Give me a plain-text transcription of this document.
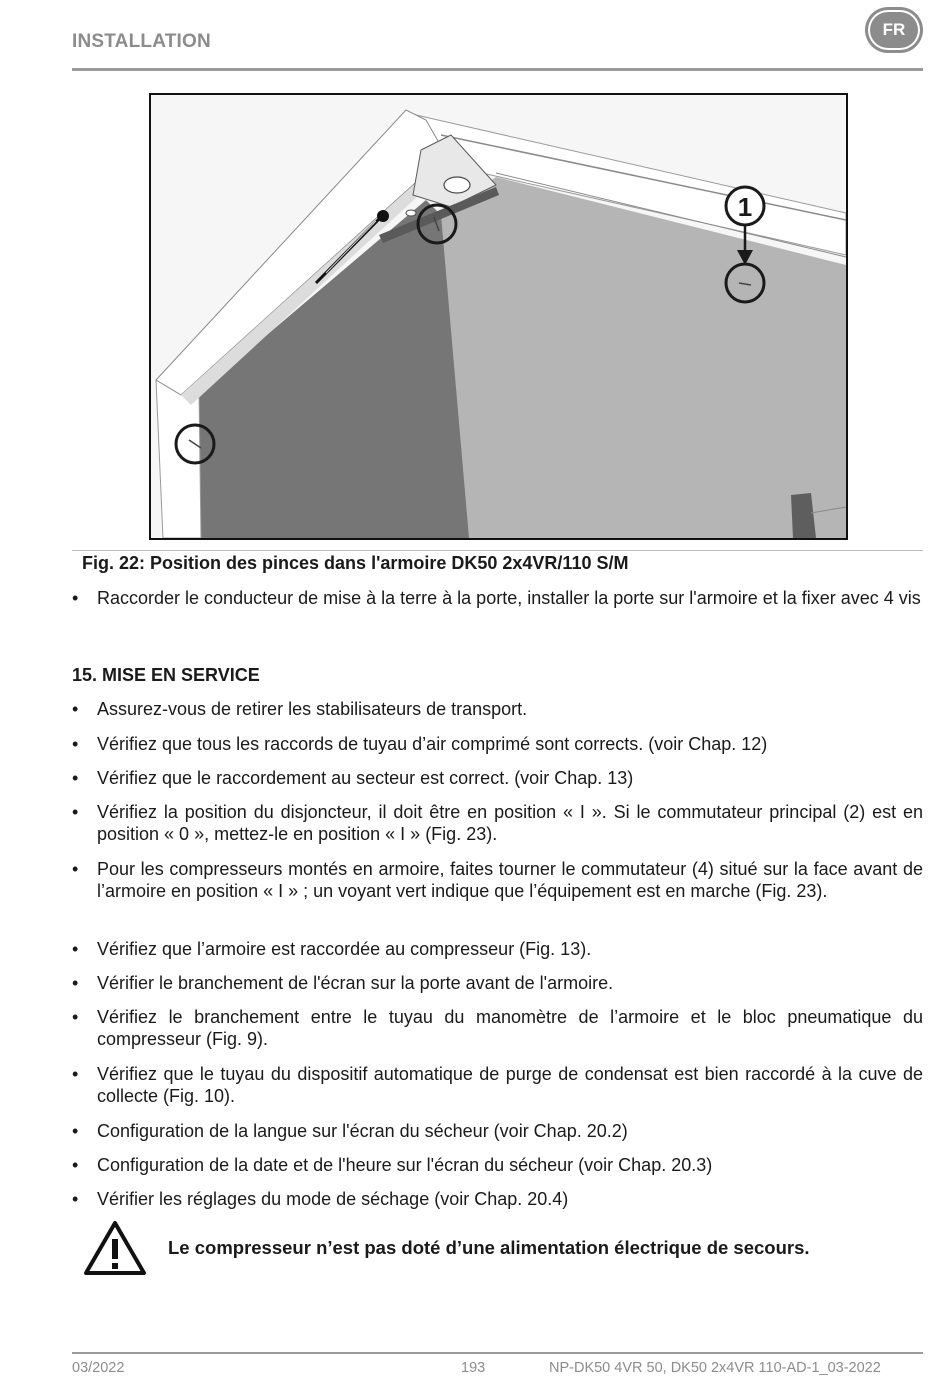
INSTALLATION
FR
1
Fig. 22: Position des pinces dans l'armoire DK50 2x4VR/110 S/M
•	Raccorder le conducteur de mise à la terre à la porte, installer la porte sur l'armoire et la fixer avec 4 vis
15. MISE EN SERVICE
•	Assurez-vous de retirer les stabilisateurs de transport.
•	Vérifiez que tous les raccords de tuyau d’air comprimé sont corrects. (voir Chap. 12)
•	Vérifiez que le raccordement au secteur est correct. (voir Chap. 13)
•	Vérifiez la position du disjoncteur, il doit être en position « I ». Si le commutateur principal (2) est en position « 0 », mettez-le en position « I » (Fig. 23).
•	Pour les compresseurs montés en armoire, faites tourner le commutateur (4) situé sur la face avant de l’armoire en position « I » ; un voyant vert indique que l’équipement est en marche (Fig. 23).
•	Vérifiez que l’armoire est raccordée au compresseur (Fig. 13).
•	Vérifier le branchement de l'écran sur la porte avant de l'armoire.
•	Vérifiez le branchement entre le tuyau du manomètre de l’armoire et le bloc pneumatique du compresseur (Fig. 9).
•	Vérifiez que le tuyau du dispositif automatique de purge de condensat est bien raccordé à la cuve de collecte (Fig. 10).
•	Configuration de la langue sur l'écran du sécheur (voir Chap. 20.2)
•	Configuration de la date et de l'heure sur l'écran du sécheur (voir Chap. 20.3)
•	Vérifier les réglages du mode de séchage (voir Chap. 20.4)
Le compresseur n’est pas doté d’une alimentation électrique de secours.
03/2022	193	NP-DK50 4VR 50, DK50 2x4VR 110-AD-1_03-2022
